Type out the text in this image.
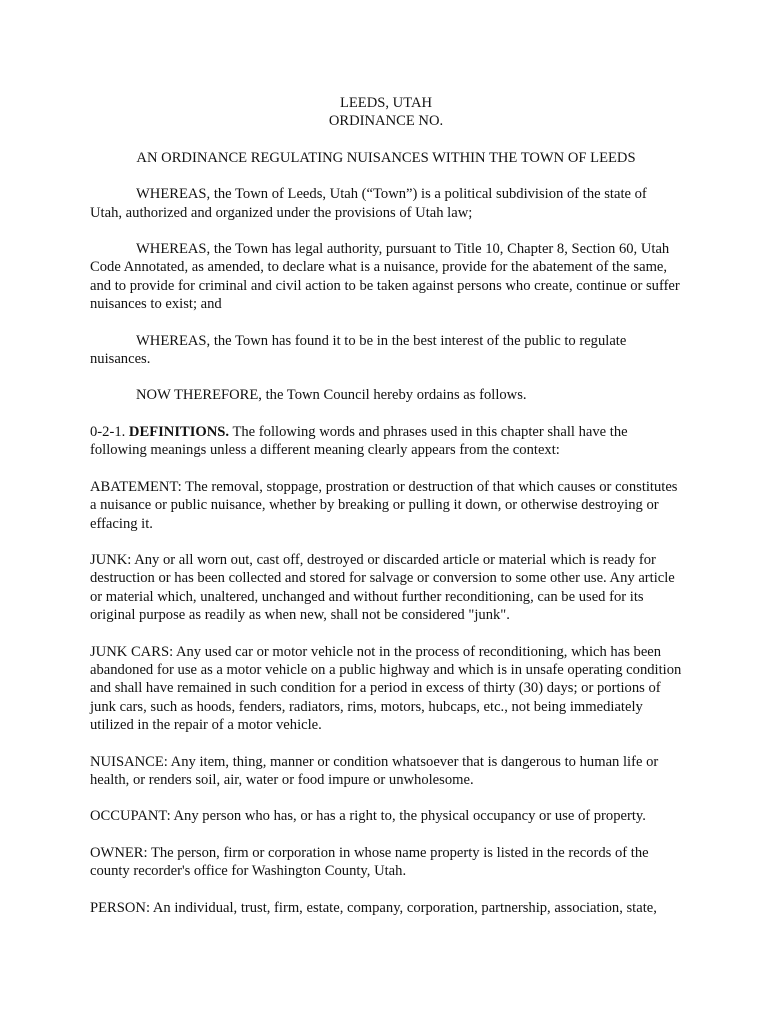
LEEDS, UTAH
ORDINANCE NO.

AN ORDINANCE REGULATING NUISANCES WITHIN THE TOWN OF LEEDS

WHEREAS, the Town of Leeds, Utah (“Town”) is a political subdivision of the state of Utah, authorized and organized under the provisions of Utah law;

WHEREAS, the Town has legal authority, pursuant to Title 10, Chapter 8, Section 60, Utah Code Annotated, as amended, to declare what is a nuisance, provide for the abatement of the same, and to provide for criminal and civil action to be taken against persons who create, continue or suffer nuisances to exist; and

WHEREAS, the Town has found it to be in the best interest of the public to regulate nuisances.

NOW THEREFORE, the Town Council hereby ordains as follows.

0-2-1. DEFINITIONS. The following words and phrases used in this chapter shall have the following meanings unless a different meaning clearly appears from the context:

ABATEMENT: The removal, stoppage, prostration or destruction of that which causes or constitutes a nuisance or public nuisance, whether by breaking or pulling it down, or otherwise destroying or effacing it.

JUNK: Any or all worn out, cast off, destroyed or discarded article or material which is ready for destruction or has been collected and stored for salvage or conversion to some other use. Any article or material which, unaltered, unchanged and without further reconditioning, can be used for its original purpose as readily as when new, shall not be considered "junk".

JUNK CARS: Any used car or motor vehicle not in the process of reconditioning, which has been abandoned for use as a motor vehicle on a public highway and which is in unsafe operating condition and shall have remained in such condition for a period in excess of thirty (30) days; or portions of junk cars, such as hoods, fenders, radiators, rims, motors, hubcaps, etc., not being immediately utilized in the repair of a motor vehicle.

NUISANCE: Any item, thing, manner or condition whatsoever that is dangerous to human life or health, or renders soil, air, water or food impure or unwholesome.

OCCUPANT: Any person who has, or has a right to, the physical occupancy or use of property.

OWNER: The person, firm or corporation in whose name property is listed in the records of the county recorder's office for Washington County, Utah.

PERSON: An individual, trust, firm, estate, company, corporation, partnership, association, state,
